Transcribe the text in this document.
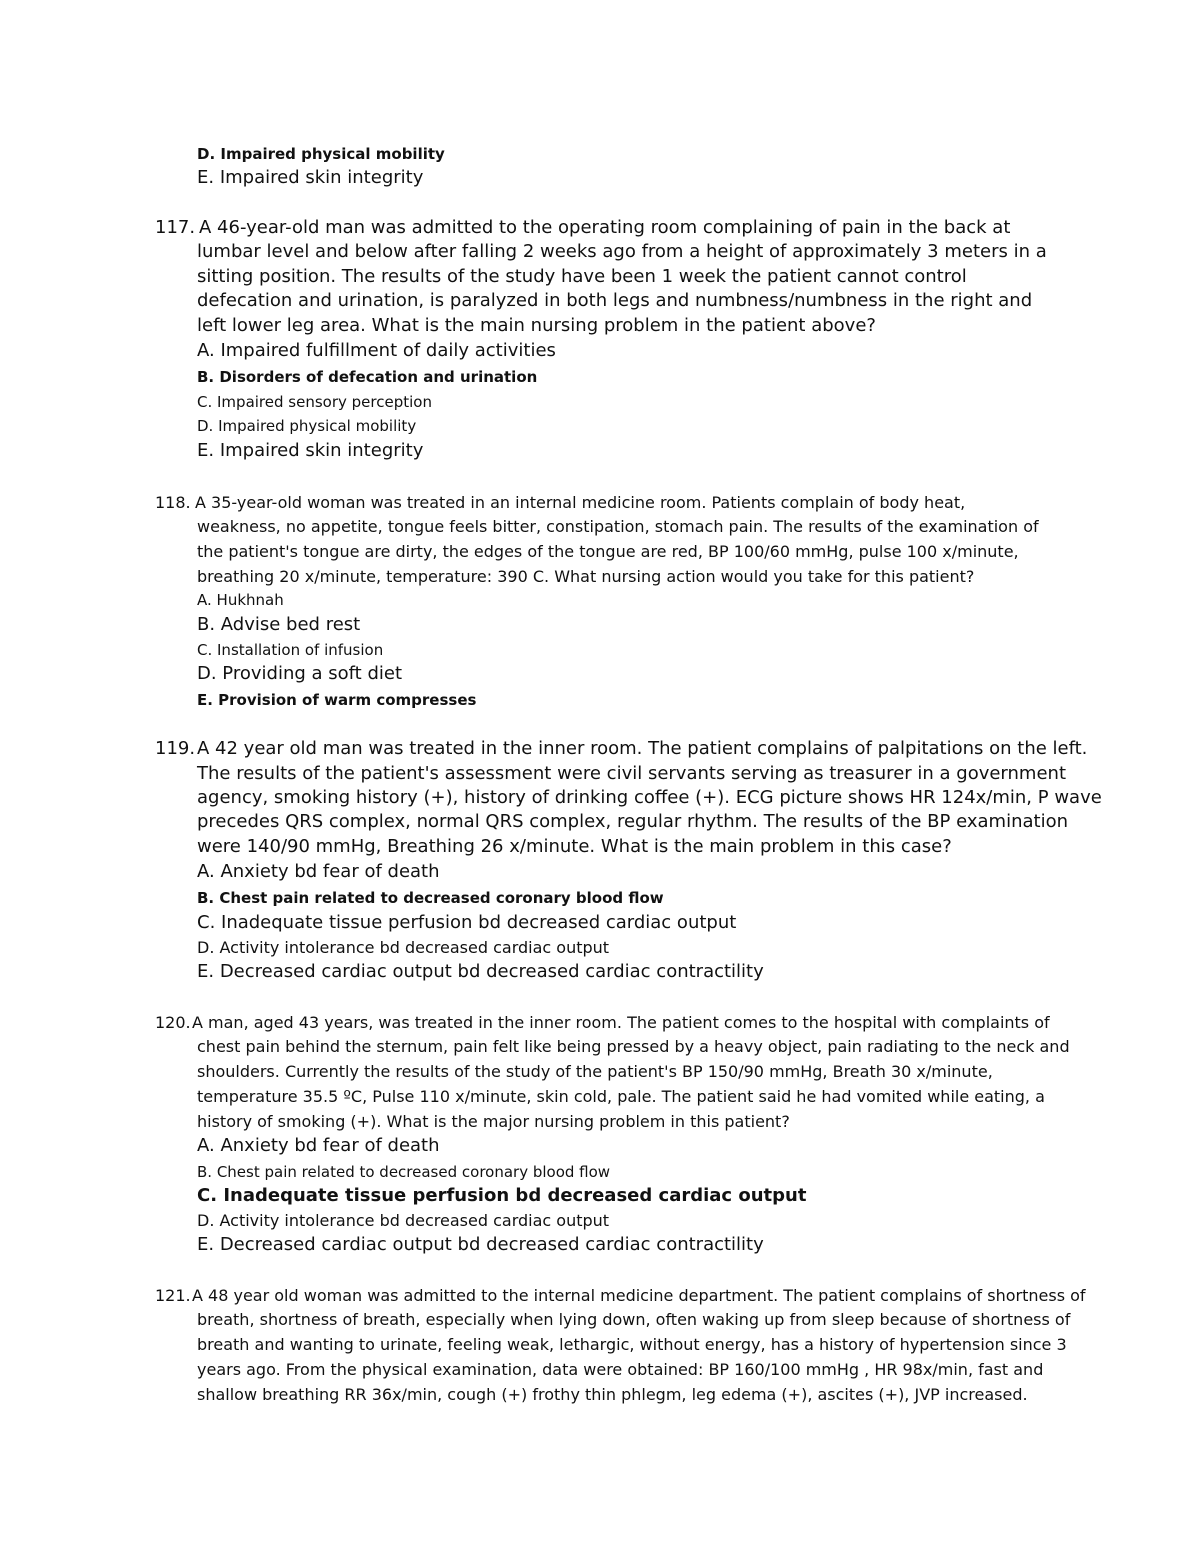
D. Impaired physical mobility
E. Impaired skin integrity
117. A 46-year-old man was admitted to the operating room complaining of pain in the back at
lumbar level and below after falling 2 weeks ago from a height of approximately 3 meters in a
sitting position. The results of the study have been 1 week the patient cannot control
defecation and urination, is paralyzed in both legs and numbness/numbness in the right and
left lower leg area. What is the main nursing problem in the patient above?
A. Impaired fulfillment of daily activities
B. Disorders of defecation and urination
C. Impaired sensory perception
D. Impaired physical mobility
E. Impaired skin integrity
118. A 35-year-old woman was treated in an internal medicine room. Patients complain of body heat,
weakness, no appetite, tongue feels bitter, constipation, stomach pain. The results of the examination of
the patient's tongue are dirty, the edges of the tongue are red, BP 100/60 mmHg, pulse 100 x/minute,
breathing 20 x/minute, temperature: 390 C. What nursing action would you take for this patient?
A. Hukhnah
B. Advise bed rest
C. Installation of infusion
D. Providing a soft diet
E. Provision of warm compresses
119. A 42 year old man was treated in the inner room. The patient complains of palpitations on the left.
The results of the patient's assessment were civil servants serving as treasurer in a government
agency, smoking history (+), history of drinking coffee (+). ECG picture shows HR 124x/min, P wave
precedes QRS complex, normal QRS complex, regular rhythm. The results of the BP examination
were 140/90 mmHg, Breathing 26 x/minute. What is the main problem in this case?
A. Anxiety bd fear of death
B. Chest pain related to decreased coronary blood flow
C. Inadequate tissue perfusion bd decreased cardiac output
D. Activity intolerance bd decreased cardiac output
E. Decreased cardiac output bd decreased cardiac contractility
120. A man, aged 43 years, was treated in the inner room. The patient comes to the hospital with complaints of
chest pain behind the sternum, pain felt like being pressed by a heavy object, pain radiating to the neck and
shoulders. Currently the results of the study of the patient's BP 150/90 mmHg, Breath 30 x/minute,
temperature 35.5 ºC, Pulse 110 x/minute, skin cold, pale. The patient said he had vomited while eating, a
history of smoking (+). What is the major nursing problem in this patient?
A. Anxiety bd fear of death
B. Chest pain related to decreased coronary blood flow
C. Inadequate tissue perfusion bd decreased cardiac output
D. Activity intolerance bd decreased cardiac output
E. Decreased cardiac output bd decreased cardiac contractility
121. A 48 year old woman was admitted to the internal medicine department. The patient complains of shortness of
breath, shortness of breath, especially when lying down, often waking up from sleep because of shortness of
breath and wanting to urinate, feeling weak, lethargic, without energy, has a history of hypertension since 3
years ago. From the physical examination, data were obtained: BP 160/100 mmHg , HR 98x/min, fast and
shallow breathing RR 36x/min, cough (+) frothy thin phlegm, leg edema (+), ascites (+), JVP increased.
